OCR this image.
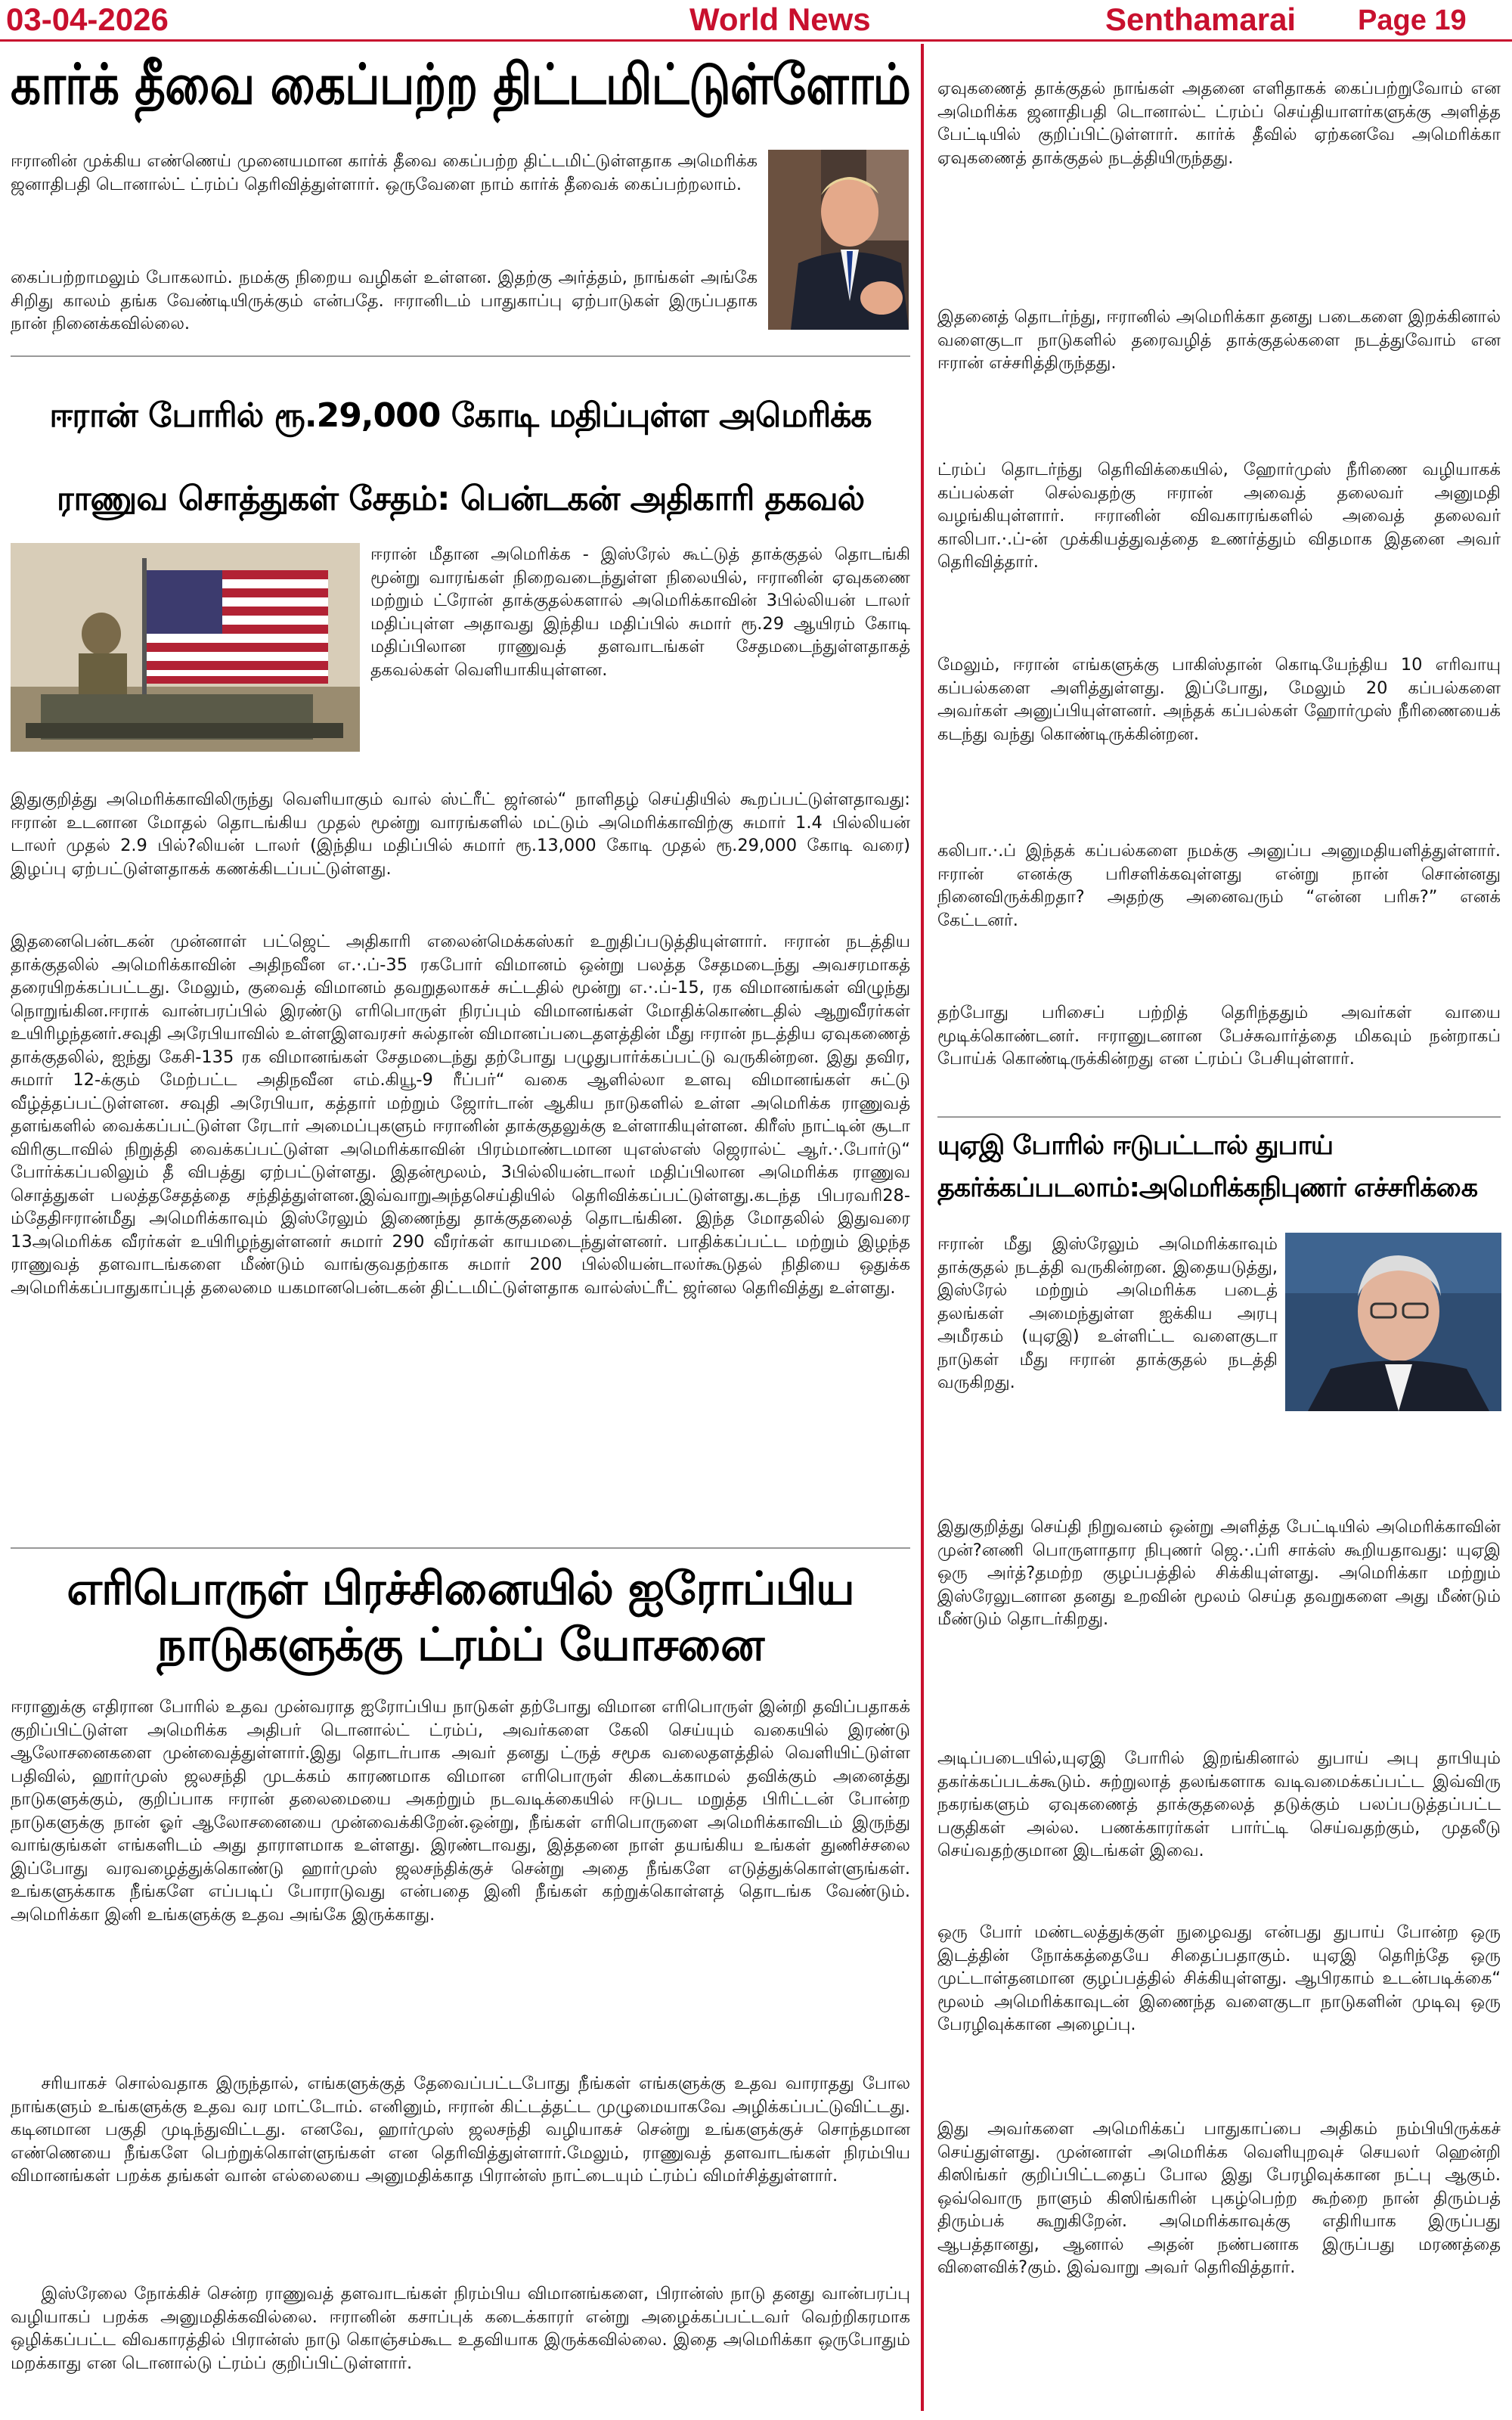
03-04-2026	World News	Senthamarai Page 19
கார்க் தீவை கைப்பற்ற திட்டமிட்டுள்ளோம்

ஈரானின் முக்கிய எண்ணெய் முனையமான கார்க் தீவை கைப்பற்ற திட்டமிட்டுள்ளதாக அமெரிக்க ஜனாதிபதி டொனால்ட் ட்ரம்ப் தெரிவித்துள்ளார். ஒருவேளை நாம் கார்க் தீவைக் கைப்பற்றலாம்.

கைப்பற்றாமலும் போகலாம். நமக்கு நிறைய வழிகள் உள்ளன. இதற்கு அர்த்தம், நாங்கள் அங்கே சிறிது காலம் தங்க வேண்டியிருக்கும் என்பதே. ஈரானிடம் பாதுகாப்பு ஏற்பாடுகள் இருப்பதாக நான் நினைக்கவில்லை.

ஈரான் போரில் ரூ.29,000 கோடி மதிப்புள்ள அமெரிக்க
ராணுவ சொத்துகள் சேதம்: பென்டகன் அதிகாரி தகவல்

ஈரான் மீதான அமெரிக்க - இஸ்ரேல் கூட்டுத் தாக்குதல் தொடங்கி மூன்று வாரங்கள் நிறைவடைந்துள்ள நிலையில், ஈரானின் ஏவுகணை மற்றும் ட்ரோன் தாக்குதல்களால் அமெரிக்காவின் 3பில்லியன் டாலர் மதிப்புள்ள அதாவது இந்திய மதிப்பில் சுமார் ரூ.29 ஆயிரம் கோடி மதிப்பிலான ராணுவத் தளவாடங்கள் சேதமடைந்துள்ளதாகத் தகவல்கள் வெளியாகியுள்ளன.

இதுகுறித்து அமெரிக்காவிலிருந்து வெளியாகும் வால் ஸ்ட்ரீட் ஜர்னல்“ நாளிதழ் செய்தியில் கூறப்பட்டுள்ளதாவது: ஈரான் உடனான மோதல் தொடங்கிய முதல் மூன்று வாரங்களில் மட்டும் அமெரிக்காவிற்கு சுமார் 1.4 பில்லியன் டாலர் முதல் 2.9 பில்?லியன் டாலர் (இந்திய மதிப்பில் சுமார் ரூ.13,000 கோடி முதல் ரூ.29,000 கோடி வரை) இழப்பு ஏற்பட்டுள்ளதாகக் கணக்கிடப்பட்டுள்ளது.

இதனைபென்டகன் முன்னாள் பட்ஜெட் அதிகாரி எலைன்மெக்கஸ்கர் உறுதிப்படுத்தியுள்ளார். ஈரான் நடத்திய தாக்குதலில் அமெரிக்காவின் அதிநவீன எ.·.ப்-35 ரகபோர் விமானம் ஒன்று பலத்த சேதமடைந்து அவசரமாகத் தரையிறக்கப்பட்டது. மேலும், குவைத் விமானம் தவறுதலாகச் சுட்டதில் மூன்று எ.·.ப்-15, ரக விமானங்கள் விழுந்து நொறுங்கின.ஈராக் வான்பரப்பில் இரண்டு எரிபொருள் நிரப்பும் விமானங்கள் மோதிக்கொண்டதில் ஆறுவீரர்கள் உயிரிழந்தனர்.சவுதி அரேபியாவில் உள்ளஇளவரசர் சுல்தான் விமானப்படைதளத்தின் மீது ஈரான் நடத்திய ஏவுகணைத் தாக்குதலில், ஐந்து கேசி-135 ரக விமானங்கள் சேதமடைந்து தற்போது பழுதுபார்க்கப்பட்டு வருகின்றன. இது தவிர, சுமார் 12-க்கும் மேற்பட்ட அதிநவீன எம்.கியூ-9 ரீப்பர்“ வகை ஆளில்லா உளவு விமானங்கள் சுட்டு வீழ்த்தப்பட்டுள்ளன. சவுதி அரேபியா, கத்தார் மற்றும் ஜோர்டான் ஆகிய நாடுகளில் உள்ள அமெரிக்க ராணுவத் தளங்களில் வைக்கப்பட்டுள்ள ரேடார் அமைப்புகளும் ஈரானின் தாக்குதலுக்கு உள்ளாகியுள்ளன. கிரீஸ் நாட்டின் சூடா விரிகுடாவில் நிறுத்தி வைக்கப்பட்டுள்ள அமெரிக்காவின் பிரம்மாண்டமான யுஎஸ்எஸ் ஜெரால்ட் ஆர்.·.போர்டு“ போர்க்கப்பலிலும் தீ விபத்து ஏற்பட்டுள்ளது. இதன்மூலம், 3பில்லியன்டாலர் மதிப்பிலான அமெரிக்க ராணுவ சொத்துகள் பலத்தசேதத்தை சந்தித்துள்ளன.இவ்வாறுஅந்தசெய்தியில் தெரிவிக்கப்பட்டுள்ளது.கடந்த பிபரவரி28-ம்தேதிஈரான்மீது அமெரிக்காவும் இஸ்ரேலும் இணைந்து தாக்குதலைத் தொடங்கின. இந்த மோதலில் இதுவரை 13அமெரிக்க வீரர்கள் உயிரிழந்துள்ளனர் சுமார் 290 வீரர்கள் காயமடைந்துள்ளனர். பாதிக்கப்பட்ட மற்றும் இழந்த ராணுவத் தளவாடங்களை மீண்டும் வாங்குவதற்காக சுமார் 200 பில்லியன்டாலர்கூடுதல் நிதியை ஒதுக்க அமெரிக்கப்பாதுகாப்புத் தலைமை யகமானபென்டகன் திட்டமிட்டுள்ளதாக வால்ஸ்ட்ரீட் ஜர்னல தெரிவித்து உள்ளது.

எரிபொருள் பிரச்சினையில் ஐரோப்பிய
நாடுகளுக்கு ட்ரம்ப் யோசனை

ஈரானுக்கு எதிரான போரில் உதவ முன்வராத ஐரோப்பிய நாடுகள் தற்போது விமான எரிபொருள் இன்றி தவிப்பதாகக் குறிப்பிட்டுள்ள அமெரிக்க அதிபர் டொனால்ட் ட்ரம்ப், அவர்களை கேலி செய்யும் வகையில் இரண்டு ஆலோசனைகளை முன்வைத்துள்ளார்.இது தொடர்பாக அவர் தனது ட்ருத் சமூக வலைதளத்தில் வெளியிட்டுள்ள பதிவில், ஹார்முஸ் ஜலசந்தி முடக்கம் காரணமாக விமான எரிபொருள் கிடைக்காமல் தவிக்கும் அனைத்து நாடுகளுக்கும், குறிப்பாக ஈரான் தலைமையை அகற்றும் நடவடிக்கையில் ஈடுபட மறுத்த பிரிட்டன் போன்ற நாடுகளுக்கு நான் ஓர் ஆலோசனையை முன்வைக்கிறேன்.ஒன்று, நீங்கள் எரிபொருளை அமெரிக்காவிடம் இருந்து வாங்குங்கள் எங்களிடம் அது தாராளமாக உள்ளது. இரண்டாவது, இத்தனை நாள் தயங்கிய உங்கள் துணிச்சலை இப்போது வரவழைத்துக்கொண்டு ஹார்முஸ் ஜலசந்திக்குச் சென்று அதை நீங்களே எடுத்துக்கொள்ளுங்கள். உங்களுக்காக நீங்களே எப்படிப் போராடுவது என்பதை இனி நீங்கள் கற்றுக்கொள்ளத் தொடங்க வேண்டும். அமெரிக்கா இனி உங்களுக்கு உதவ அங்கே இருக்காது.

சரியாகச் சொல்வதாக இருந்தால், எங்களுக்குத் தேவைப்பட்டபோது நீங்கள் எங்களுக்கு உதவ வாராதது போல நாங்களும் உங்களுக்கு உதவ வர மாட்டோம். எனினும், ஈரான் கிட்டத்தட்ட முழுமையாகவே அழிக்கப்பட்டுவிட்டது. கடினமான பகுதி முடிந்துவிட்டது. எனவே, ஹார்முஸ் ஜலசந்தி வழியாகச் சென்று உங்களுக்குச் சொந்தமான எண்ணெயை நீங்களே பெற்றுக்கொள்ளுங்கள் என தெரிவித்துள்ளார்.மேலும், ராணுவத் தளவாடங்கள் நிரம்பிய விமானங்கள் பறக்க தங்கள் வான் எல்லையை அனுமதிக்காத பிரான்ஸ் நாட்டையும் ட்ரம்ப் விமர்சித்துள்ளார்.

இஸ்ரேலை நோக்கிச் சென்ற ராணுவத் தளவாடங்கள் நிரம்பிய விமானங்களை, பிரான்ஸ் நாடு தனது வான்பரப்பு வழியாகப் பறக்க அனுமதிக்கவில்லை. ஈரானின் கசாப்புக் கடைக்காரர் என்று அழைக்கப்பட்டவர் வெற்றிகரமாக ஒழிக்கப்பட்ட விவகாரத்தில் பிரான்ஸ் நாடு கொஞ்சம்கூட உதவியாக இருக்கவில்லை. இதை அமெரிக்கா ஒருபோதும் மறக்காது என டொனால்டு ட்ரம்ப் குறிப்பிட்டுள்ளார்.

ஏவுகணைத் தாக்குதல் நாங்கள் அதனை எளிதாகக் கைப்பற்றுவோம் என அமெரிக்க ஜனாதிபதி டொனால்ட் ட்ரம்ப் செய்தியாளர்களுக்கு அளித்த பேட்டியில் குறிப்பிட்டுள்ளார். கார்க் தீவில் ஏற்கனவே அமெரிக்கா ஏவுகணைத் தாக்குதல் நடத்தியிருந்தது.

இதனைத் தொடர்ந்து, ஈரானில் அமெரிக்கா தனது படைகளை இறக்கினால் வளைகுடா நாடுகளில் தரைவழித் தாக்குதல்களை நடத்துவோம் என ஈரான் எச்சரித்திருந்தது.

ட்ரம்ப் தொடர்ந்து தெரிவிக்கையில், ஹோர்முஸ் நீரிணை வழியாகக் கப்பல்கள் செல்வதற்கு ஈரான் அவைத் தலைவர் அனுமதி வழங்கியுள்ளார். ஈரானின் விவகாரங்களில் அவைத் தலைவர் காலிபா.·.ப்-ன் முக்கியத்துவத்தை உணர்த்தும் விதமாக இதனை அவர் தெரிவித்தார்.

மேலும், ஈரான் எங்களுக்கு பாகிஸ்தான் கொடியேந்திய 10 எரிவாயு கப்பல்களை அளித்துள்ளது. இப்போது, மேலும் 20 கப்பல்களை அவர்கள் அனுப்பியுள்ளனர். அந்தக் கப்பல்கள் ஹோர்முஸ் நீரிணையைக் கடந்து வந்து கொண்டிருக்கின்றன.

கலிபா.·.ப் இந்தக் கப்பல்களை நமக்கு அனுப்ப அனுமதியளித்துள்ளார். ஈரான் எனக்கு பரிசளிக்கவுள்ளது என்று நான் சொன்னது நினைவிருக்கிறதா? அதற்கு அனைவரும் “என்ன பரிசு?” எனக் கேட்டனர்.

தற்போது பரிசைப் பற்றித் தெரிந்ததும் அவர்கள் வாயை மூடிக்கொண்டனர். ஈரானுடனான பேச்சுவார்த்தை மிகவும் நன்றாகப் போய்க் கொண்டிருக்கின்றது என ட்ரம்ப் பேசியுள்ளார்.

யுஏஇ போரில் ஈடுபட்டால் துபாய்
தகர்க்கப்படலாம்:அமெரிக்கநிபுணர் எச்சரிக்கை

ஈரான் மீது இஸ்ரேலும் அமெரிக்காவும் தாக்குதல் நடத்தி வருகின்றன. இதையடுத்து, இஸ்ரேல் மற்றும் அமெரிக்க படைத் தலங்கள் அமைந்துள்ள ஐக்கிய அரபு அமீரகம் (யுஏஇ) உள்ளிட்ட வளைகுடா நாடுகள் மீது ஈரான் தாக்குதல் நடத்தி வருகிறது.

இதுகுறித்து செய்தி நிறுவனம் ஒன்று அளித்த பேட்டியில் அமெரிக்காவின் முன்?னணி பொருளாதார நிபுணர் ஜெ.·.ப்ரி சாக்ஸ் கூறியதாவது: யுஏஇ ஒரு அர்த்?தமற்ற குழப்பத்தில் சிக்கியுள்ளது. அமெரிக்கா மற்றும் இஸ்ரேலுடனான தனது உறவின் மூலம் செய்த தவறுகளை அது மீண்டும் மீண்டும் தொடர்கிறது.

அடிப்படையில்,யுஏஇ போரில் இறங்கினால் துபாய் அபு தாபியும் தகர்க்கப்படக்கூடும். சுற்றுலாத் தலங்களாக வடிவமைக்கப்பட்ட இவ்விரு நகரங்களும் ஏவுகணைத் தாக்குதலைத் தடுக்கும் பலப்படுத்தப்பட்ட பகுதிகள் அல்ல. பணக்காரர்கள் பார்ட்டி செய்வதற்கும், முதலீடு செய்வதற்குமான இடங்கள் இவை.

ஒரு போர் மண்டலத்துக்குள் நுழைவது என்பது துபாய் போன்ற ஒரு இடத்தின் நோக்கத்தையே சிதைப்பதாகும். யுஏஇ தெரிந்தே ஒரு முட்டாள்தனமான குழப்பத்தில் சிக்கியுள்ளது. ஆபிரகாம் உடன்படிக்கை“ மூலம் அமெரிக்காவுடன் இணைந்த வளைகுடா நாடுகளின் முடிவு ஒரு பேரழிவுக்கான அழைப்பு.

இது அவர்களை அமெரிக்கப் பாதுகாப்பை அதிகம் நம்பியிருக்கச் செய்துள்ளது. முன்னாள் அமெரிக்க வெளியுறவுச் செயலர் ஹென்றி கிஸிங்கர் குறிப்பிட்டதைப் போல இது பேரழிவுக்கான நட்பு ஆகும். ஒவ்வொரு நாளும் கிஸிங்கரின் புகழ்பெற்ற கூற்றை நான் திரும்பத் திரும்பக் கூறுகிறேன். அமெரிக்காவுக்கு எதிரியாக இருப்பது ஆபத்தானது, ஆனால் அதன் நண்பனாக இருப்பது மரணத்தை விளைவிக்?கும். இவ்வாறு அவர் தெரிவித்தார்.
